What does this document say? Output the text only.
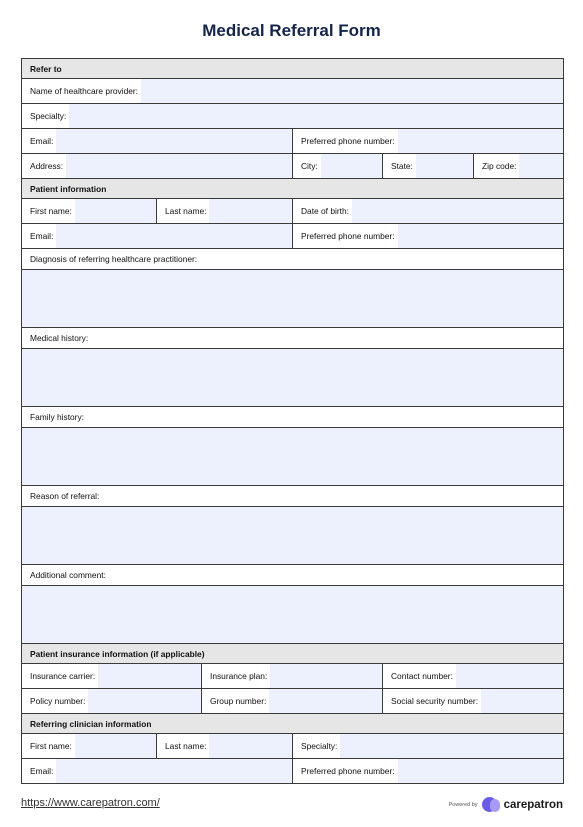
Medical Referral Form
Refer to
Name of healthcare provider:
Specialty:
Email:	Preferred phone number:
Address:	City:	State:	Zip code:
Patient information
First name:	Last name:	Date of birth:
Email:	Preferred phone number:
Diagnosis of referring healthcare practitioner:
Medical history:
Family history:
Reason of referral:
Additional comment:
Patient insurance information (if applicable)
Insurance carrier:	Insurance plan:	Contact number:
Policy number:	Group number:	Social security number:
Referring clinician information
First name:	Last name:	Specialty:
Email:	Preferred phone number:
https://www.carepatron.com/	Powered by carepatron
